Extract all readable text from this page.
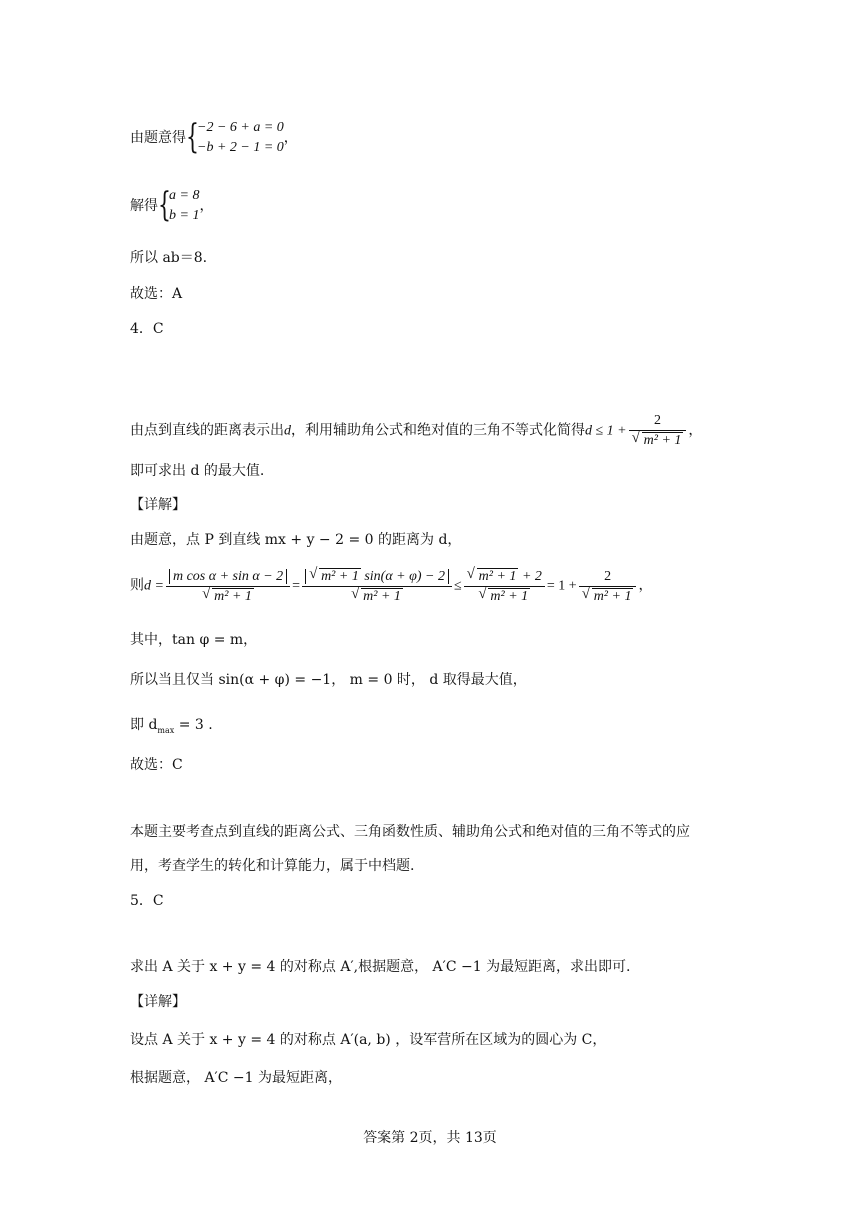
由题意得 {
−2 − 6 + a = 0
−b + 2 − 1 = 0
，
解得 {
a = 8
b = 1
，
所以 ab＝8.
故选：A
4．C
由点到直线的距离表示出d，利用辅助角公式和绝对值的三角不等式化简得d ≤ 1 + 2
√ m² + 1 ，
即可求出 d 的最大值.
【详解】
由题意，点 P 到直线 mx + y − 2 = 0 的距离为 d，
则d = m cos α + sin α − 2
√ m² + 1 = √ m² + 1 sin(α + φ) − 2
√ m² + 1 ≤ √ m² + 1 + 2
√ m² + 1 = 1 + 2
√ m² + 1 ，
其中，tan φ = m，
所以当且仅当 sin(α + φ) = −1， m = 0 时， d 取得最大值，
即 $d_{max} = 3$ .
故选：C
本题主要考查点到直线的距离公式、三角函数性质、辅助角公式和绝对值的三角不等式的应
用，考查学生的转化和计算能力，属于中档题.
5．C
求出 A 关于 x + y = 4 的对称点 A′,根据题意， A′C −1 为最短距离，求出即可.
【详解】
设点 A 关于 x + y = 4 的对称点 A′(a, b) ，设军营所在区域为的圆心为 C，
根据题意， A′C −1 为最短距离，
答案第 2页，共 13页
